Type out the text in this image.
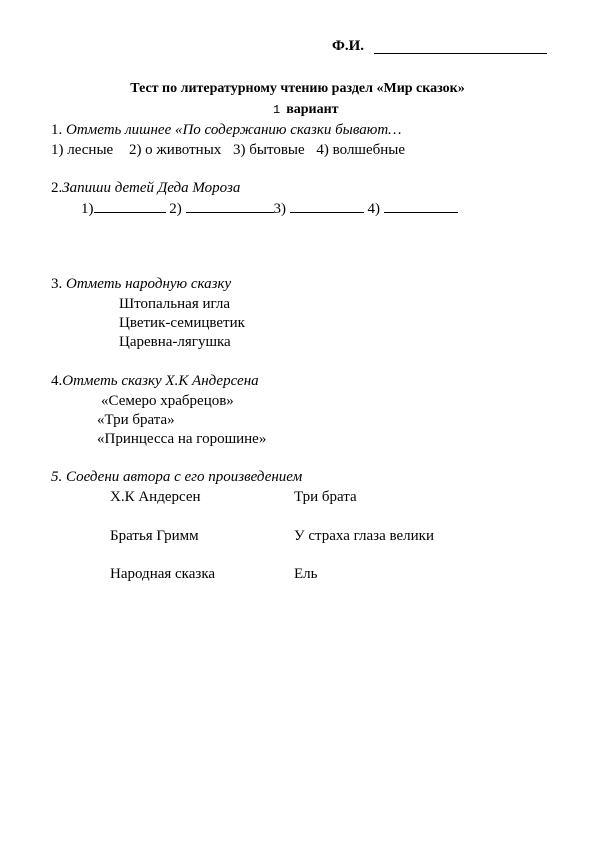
Ф.И.
Тест по литературному чтению раздел «Мир сказок»
1 вариант
1. Отметь лишнее «По содержанию сказки бывают…
1) лесные 2) о животных 3) бытовые 4) волшебные
2.Запиши детей Деда Мороза
1)	2)	3)	4)
3. Отметь народную сказку
Штопальная игла
Цветик-семицветик
Царевна-лягушка
4.Отметь сказку Х.К Андерсена
«Семеро храбрецов»
«Три брата»
«Принцесса на горошине»
5. Соедени автора с его произведением
Х.К Андерсен	Три брата
Братья Гримм	У страха глаза велики
Народная сказка	Ель
